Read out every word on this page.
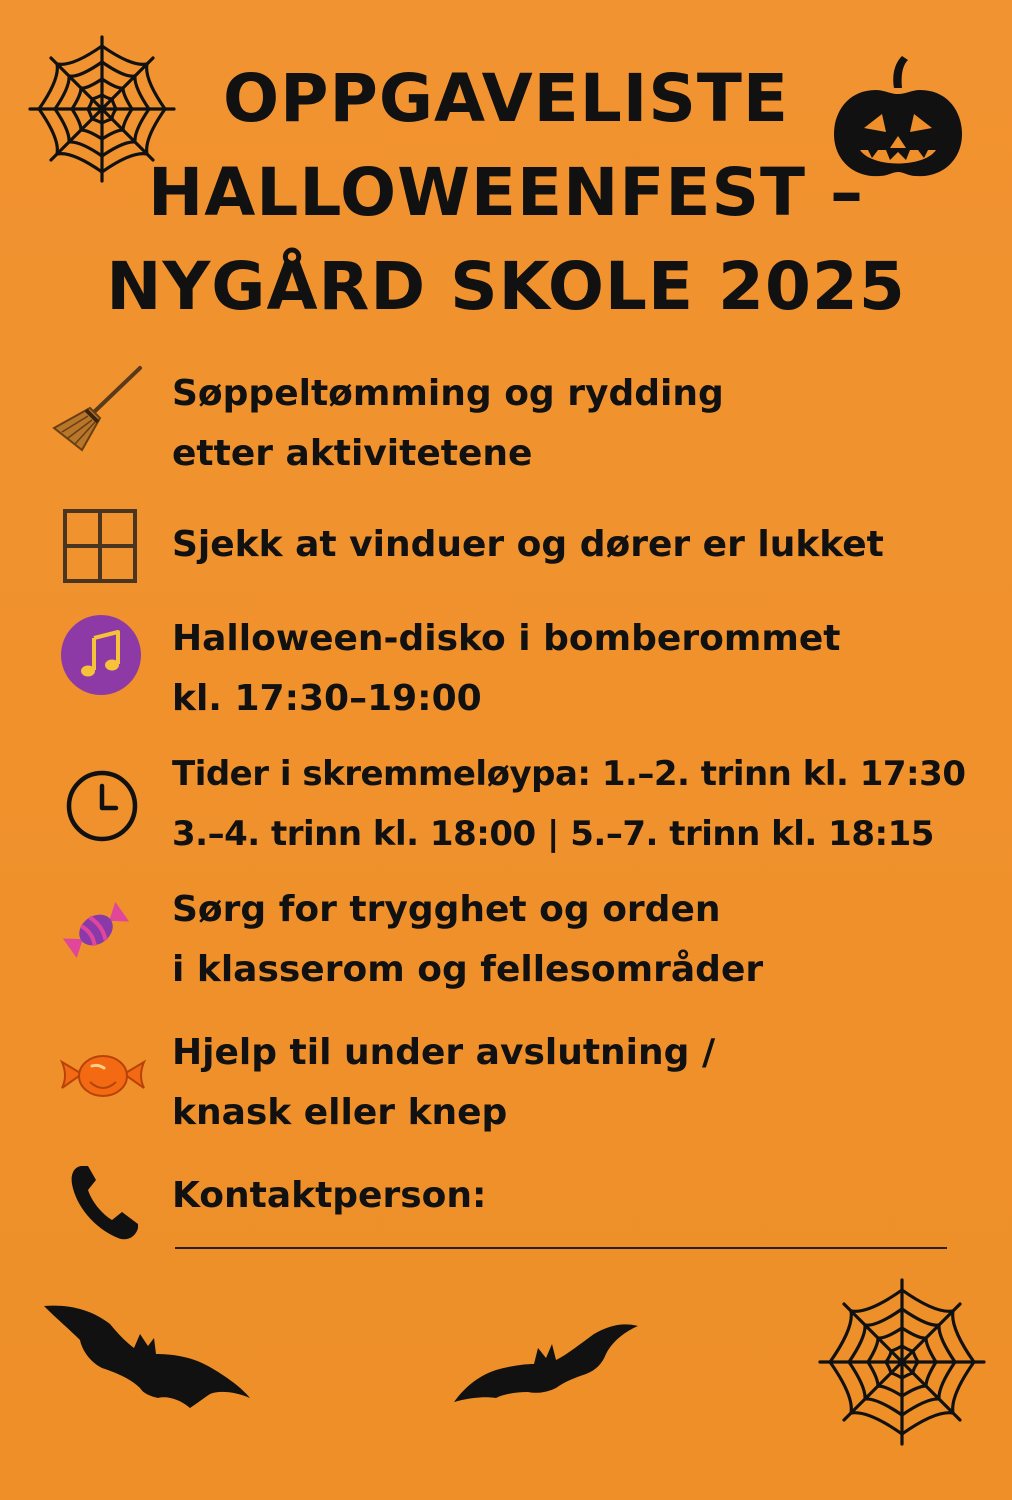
OPPGAVELISTE
HALLOWEENFEST –
NYGÅRD SKOLE 2025
Søppeltømming og rydding
etter aktivitetene
Sjekk at vinduer og dører er lukket
Halloween-disko i bomberommet
kl. 17:30–19:00
Tider i skremmeløypa: 1.–2. trinn kl. 17:30
3.–4. trinn kl. 18:00 | 5.–7. trinn kl. 18:15
Sørg for trygghet og orden
i klasserom og fellesområder
Hjelp til under avslutning /
knask eller knep
Kontaktperson:
